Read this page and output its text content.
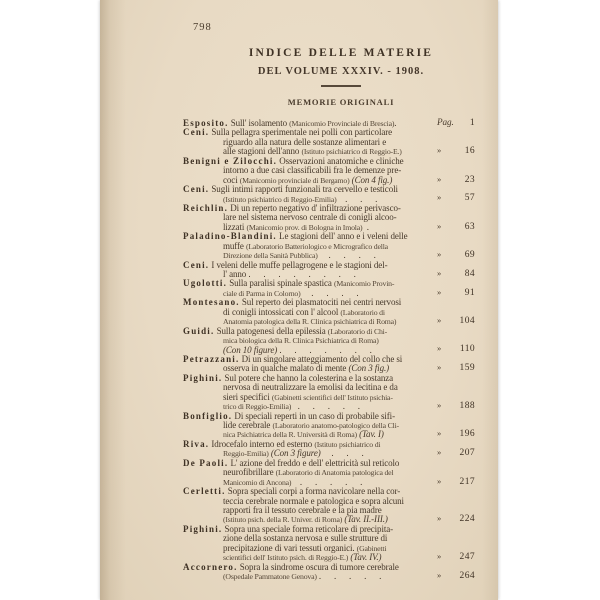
798
INDICE DELLE MATERIE
DEL VOLUME XXXIV. - 1908.
MEMORIE ORIGINALI
Esposito. Sull' isolamento (Manicomio Provinciale di Brescia).	Pag. 1
Ceni. Sulla pellagra sperimentale nei polli con particolare
riguardo alla natura delle sostanze alimentari e
alle stagioni dell'anno (Istituto psichiatrico di Reggio-E.)	» 16
Benigni e Zilocchi. Osservazioni anatomiche e cliniche
intorno a due casi classificabili fra le demenze pre-
coci (Manicomio provinciale di Bergamo) (Con 4 fig.)	» 23
Ceni. Sugli intimi rapporti funzionali tra cervello e testicoli
(Istituto psichiatrico di Reggio-Emilia)    .      .      .	» 57
Reichlin. Di un reperto negativo d' infiltrazione perivasco-
lare nel sistema nervoso centrale di conigli alcoo-
lizzati (Manicomio prov. di Bologna in Imola)  .	» 63
Paladino-Blandini. Le stagioni dell' anno e i veleni delle
muffe (Laboratorio Batteriologico e Micrografico della
Direzione della Sanità Pubblica)     .      .      .      .	» 69
Ceni. I veleni delle muffe pellagrogene e le stagioni del-
l' anno .      .      .      .      .      .      .      .	» 84
Ugolotti. Sulla paralisi spinale spastica (Manicomio Provin-
ciale di Parma in Colorno)     .      .      .      .	» 91
Montesano. Sul reperto dei plasmatociti nei centri nervosi
di conigli intossicati con l' alcool (Laboratorio di
Anatomia patologica della R. Clinica psichiatrica di Roma)	» 104
Guidi. Sulla patogenesi della epilessia (Laboratorio di Chi-
mica biologica della R. Clinica Psichiatrica di Roma)
(Con 10 figure) .      .      .      .      .      .      .	» 110
Petrazzani. Di un singolare atteggiamento del collo che si
osserva in qualche malato di mente (Con 3 fig.)	» 159
Pighini. Sul potere che hanno la colesterina e la sostanza
nervosa di neutralizzare la emolisi da lecitina e da
sieri specifici (Gabinetti scientifici dell' Istituto psichia-
trico di Reggio-Emilia)   .      .      .      .      .	» 188
Bonfiglio. Di speciali reperti in un caso di probabile sifi-
lide cerebrale (Laboratorio anatomo-patologico della Cli-
nica Psichiatrica della R. Università di Roma) (Tav. I)	» 196
Riva. Idrocefalo interno ed esterno (Istituto psichiatrico di
Reggio-Emilia) (Con 3 figure)     .      .      .	» 207
De Paoli. L' azione del freddo e dell' elettricità sul reticolo
neurofibrillare (Laboratorio di Anatomia patologica del
Manicomio di Ancona)    .      .      .      .      .	» 217
Cerletti. Sopra speciali corpi a forma navicolare nella cor-
teccia cerebrale normale e patologica e sopra alcuni
rapporti fra il tessuto cerebrale e la pia madre
(Istituto psich. della R. Univer. di Roma) (Tav. II.-III.)	» 224
Pighini. Sopra una speciale forma reticolare di precipita-
zione della sostanza nervosa e sulle strutture di
precipitazione di vari tessuti organici. (Gabinetti
scientifici dell' Istituto psich. di Reggio-E.) (Tav. IV.)	» 247
Accornero. Sopra la sindrome oscura di tumore cerebrale
(Ospedale Pammatone Genova) .      .      .      .      .	» 264
